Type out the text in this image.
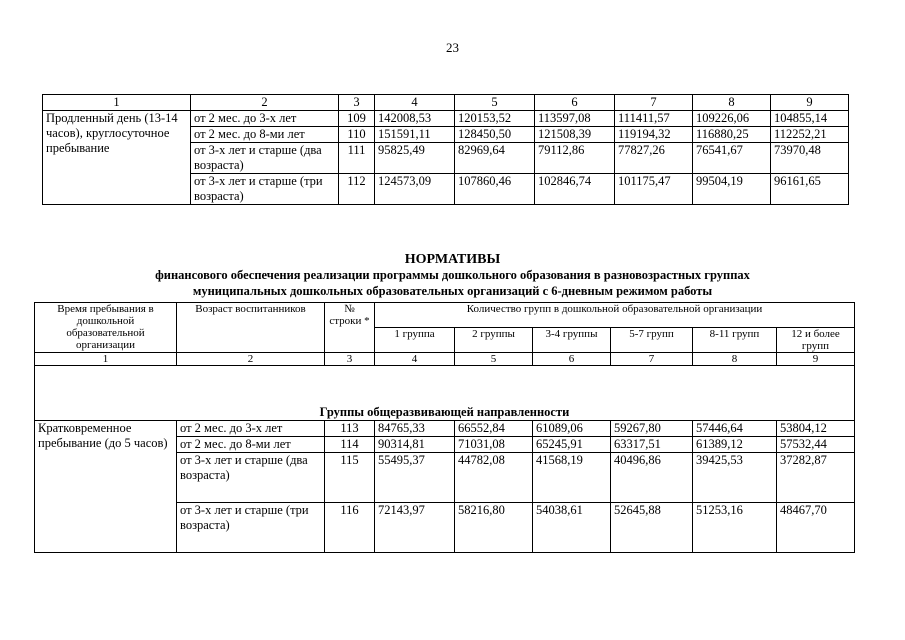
23
1	2	3	4	5	6	7	8	9
Продленный день (13-14 часов), круглосуточное пребывание	от 2 мес. до 3-х лет	109	142008,53	120153,52	113597,08	111411,57	109226,06	104855,14
	от 2 мес. до 8-ми лет	110	151591,11	128450,50	121508,39	119194,32	116880,25	112252,21
	от 3-х лет и старше (два возраста)	111	95825,49	82969,64	79112,86	77827,26	76541,67	73970,48
	от 3-х лет и старше (три возраста)	112	124573,09	107860,46	102846,74	101175,47	99504,19	96161,65
НОРМАТИВЫ
финансового обеспечения реализации программы дошкольного образования в разновозрастных группах
муниципальных дошкольных образовательных организаций с 6-дневным режимом работы
Время пребывания в дошкольной образовательной организации	Возраст воспитанников	№ строки *	Количество групп в дошкольной образовательной организации					
			1 группа	2 группы	3-4 группы	5-7 групп	8-11 групп	12 и более групп
1	2	3	4	5	6	7	8	9
Группы общеразвивающей направленности								
Кратковременное пребывание (до 5 часов)	от 2 мес. до 3-х лет	113	84765,33	66552,84	61089,06	59267,80	57446,64	53804,12
	от 2 мес. до 8-ми лет	114	90314,81	71031,08	65245,91	63317,51	61389,12	57532,44
	от 3-х лет и старше (два возраста)	115	55495,37	44782,08	41568,19	40496,86	39425,53	37282,87
	от 3-х лет и старше (три возраста)	116	72143,97	58216,80	54038,61	52645,88	51253,16	48467,70
